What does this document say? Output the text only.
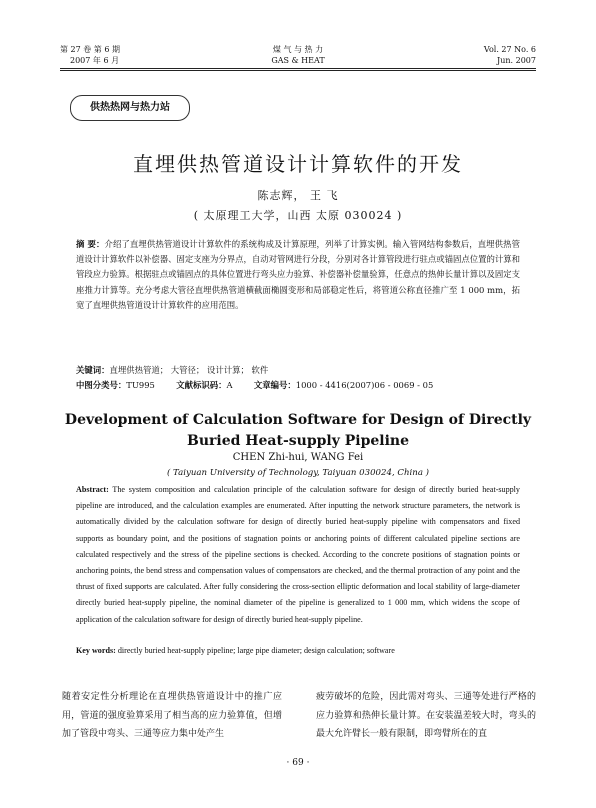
第 27 卷 第 6 期
2007 年 6 月
煤 气 与 热 力
GAS & HEAT
Vol. 27 No. 6
Jun. 2007
供热热网与热力站
直埋供热管道设计计算软件的开发
陈志辉， 王 飞
( 太原理工大学，山西 太原 030024 )
摘 要：介绍了直埋供热管道设计计算软件的系统构成及计算原理，列举了计算实例。输入管网结构参数后，直埋供热管道设计计算软件以补偿器、固定支座为分界点，自动对管网进行分段，分别对各计算管段进行驻点或锚固点位置的计算和管段应力验算。根据驻点或锚固点的具体位置进行弯头应力验算、补偿器补偿量验算，任意点的热伸长量计算以及固定支座推力计算等。充分考虑大管径直埋供热管道横截面椭圆变形和局部稳定性后，将管道公称直径推广至 1 000 mm，拓宽了直埋供热管道设计计算软件的应用范围。
关键词：直埋供热管道； 大管径； 设计计算； 软件
中图分类号：TU995	文献标识码：A	文章编号：1000 - 4416(2007)06 - 0069 - 05
Development of Calculation Software for Design of Directly Buried Heat-supply Pipeline
CHEN Zhi-hui, WANG Fei
( Taiyuan University of Technology, Taiyuan 030024, China )
Abstract: The system composition and calculation principle of the calculation software for design of directly buried heat-supply pipeline are introduced, and the calculation examples are enumerated. After inputting the network structure parameters, the network is automatically divided by the calculation software for design of directly buried heat-supply pipeline with compensators and fixed supports as boundary point, and the positions of stagnation points or anchoring points of different calculated pipeline sections are calculated respectively and the stress of the pipeline sections is checked. According to the concrete positions of stagnation points or anchoring points, the bend stress and compensation values of compensators are checked, and the thermal protraction of any point and the thrust of fixed supports are calculated. After fully considering the cross-section elliptic deformation and local stability of large-diameter directly buried heat-supply pipeline, the nominal diameter of the pipeline is generalized to 1 000 mm, which widens the scope of application of the calculation software for design of directly buried heat-supply pipeline.
Key words: directly buried heat-supply pipeline; large pipe diameter; design calculation; software
随着安定性分析理论在直埋供热管道设计中的推广应用，管道的强度验算采用了相当高的应力验算值，但增加了管段中弯头、三通等应力集中处产生
疲劳破坏的危险，因此需对弯头、三通等处进行严格的应力验算和热伸长量计算。在安装温差较大时，弯头的最大允许臂长一般有限制，即弯臂所在的直
· 69 ·
